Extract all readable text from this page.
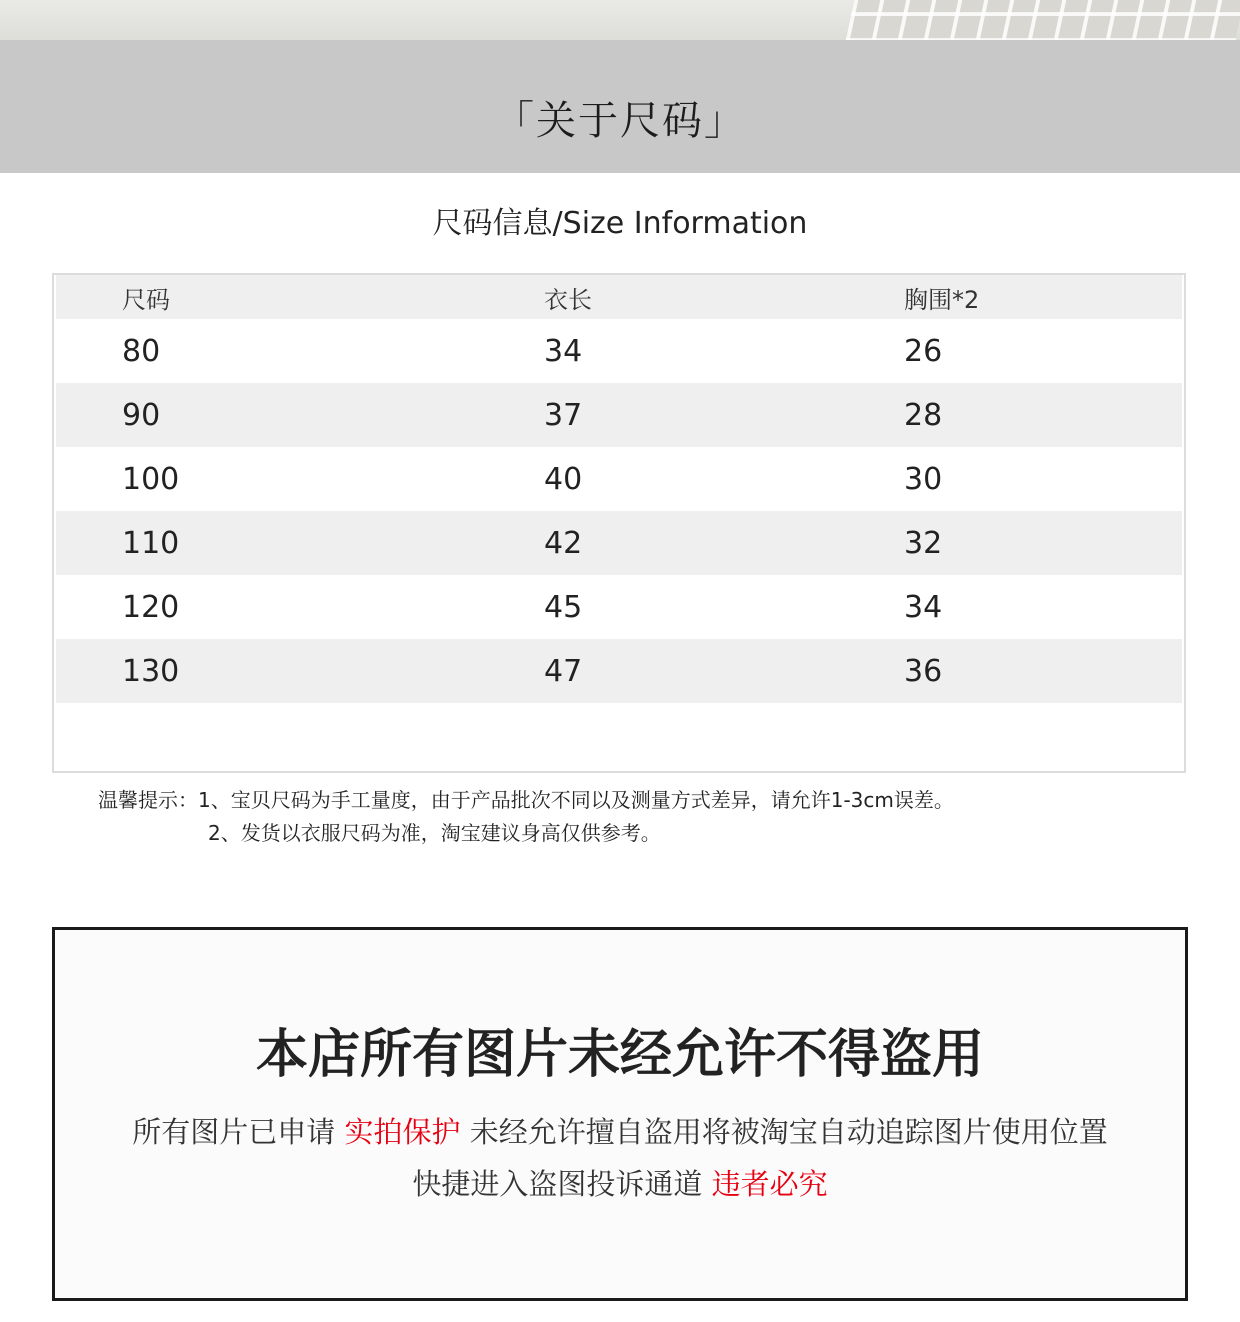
「关于尺码」
尺码信息/Size Information
尺码	衣长	胸围*2
80	34	26
90	37	28
100	40	30
110	42	32
120	45	34
130	47	36
温馨提示：1、宝贝尺码为手工量度，由于产品批次不同以及测量方式差异，请允许1-3cm误差。
2、发货以衣服尺码为准，淘宝建议身高仅供参考。
本店所有图片未经允许不得盗用
所有图片已申请 实拍保护 未经允许擅自盗用将被淘宝自动追踪图片使用位置
快捷进入盗图投诉通道 违者必究
